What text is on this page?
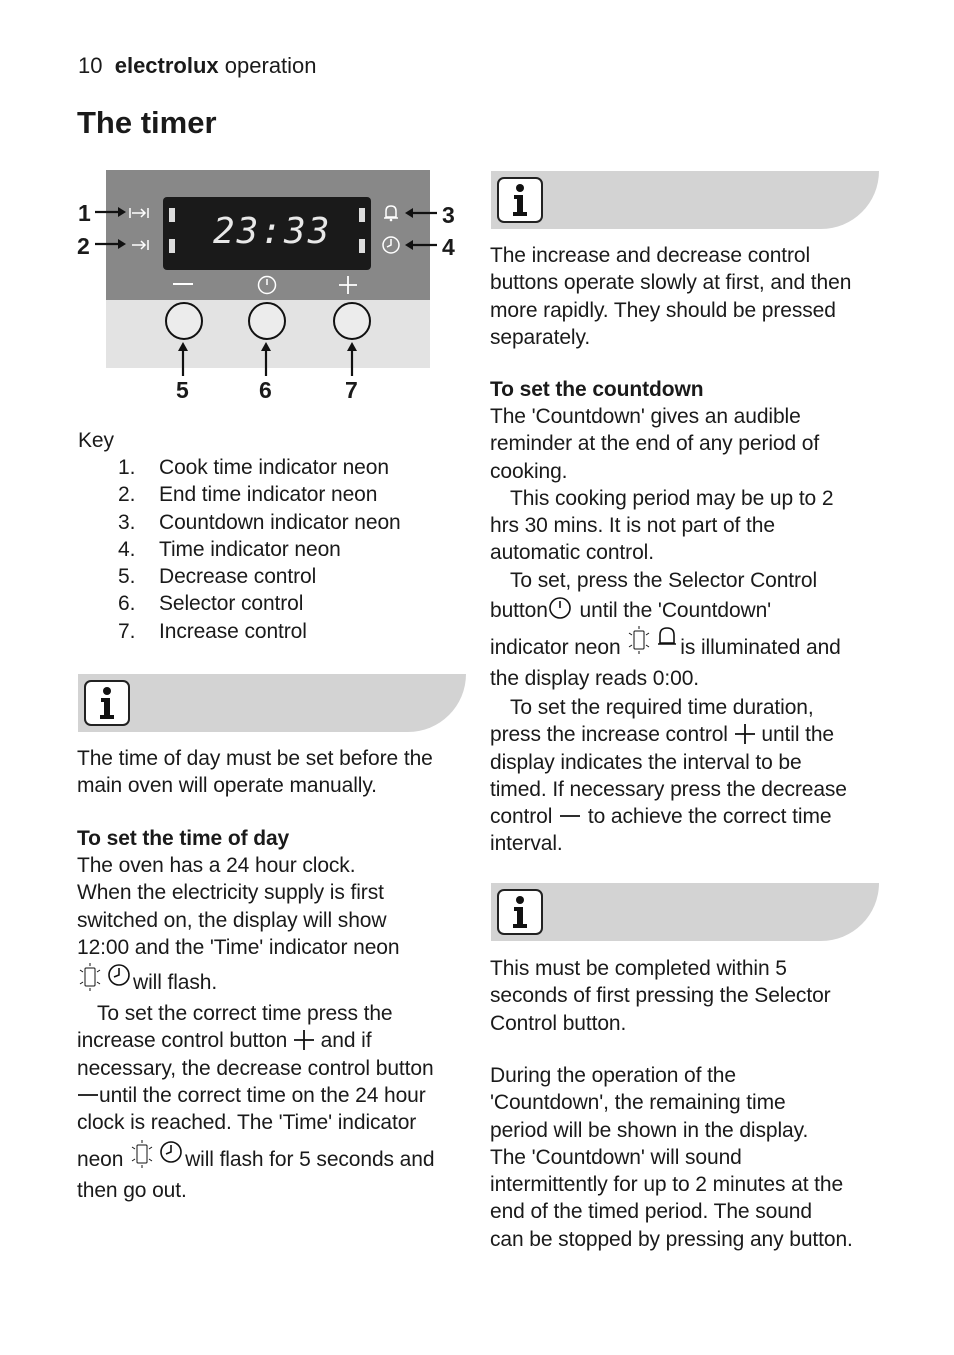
10 electrolux operation
The timer
23:33
1
2
3
4
5	6	7
Key
1.	Cook time indicator neon
2.	End time indicator neon
3.	Countdown indicator neon
4.	Time indicator neon
5.	Decrease control
6.	Selector control
7.	Increase control
The time of day must be set before the
main oven will operate manually.
To set the time of day
The oven has a 24 hour clock.
When the electricity supply is first
switched on, the display will show
12:00 and the 'Time' indicator neon
will flash.
To set the correct time press the
increase control button and if
necessary, the decrease control button
until the correct time on the 24 hour
clock is reached. The 'Time' indicator
neon	will flash for 5 seconds and
then go out.
The increase and decrease control
buttons operate slowly at first, and then
more rapidly. They should be pressed
separately.
To set the countdown
The 'Countdown' gives an audible
reminder at the end of any period of
cooking.
This cooking period may be up to 2
hrs 30 mins. It is not part of the
automatic control.
To set, press the Selector Control
button until the 'Countdown'
indicator neon	is illuminated and
the display reads 0:00.
To set the required time duration,
press the increase control until the
display indicates the interval to be
timed. If necessary press the decrease
control to achieve the correct time
interval.
This must be completed within 5
seconds of first pressing the Selector
Control button.
During the operation of the
'Countdown', the remaining time
period will be shown in the display.
The 'Countdown' will sound
intermittently for up to 2 minutes at the
end of the timed period. The sound
can be stopped by pressing any button.
